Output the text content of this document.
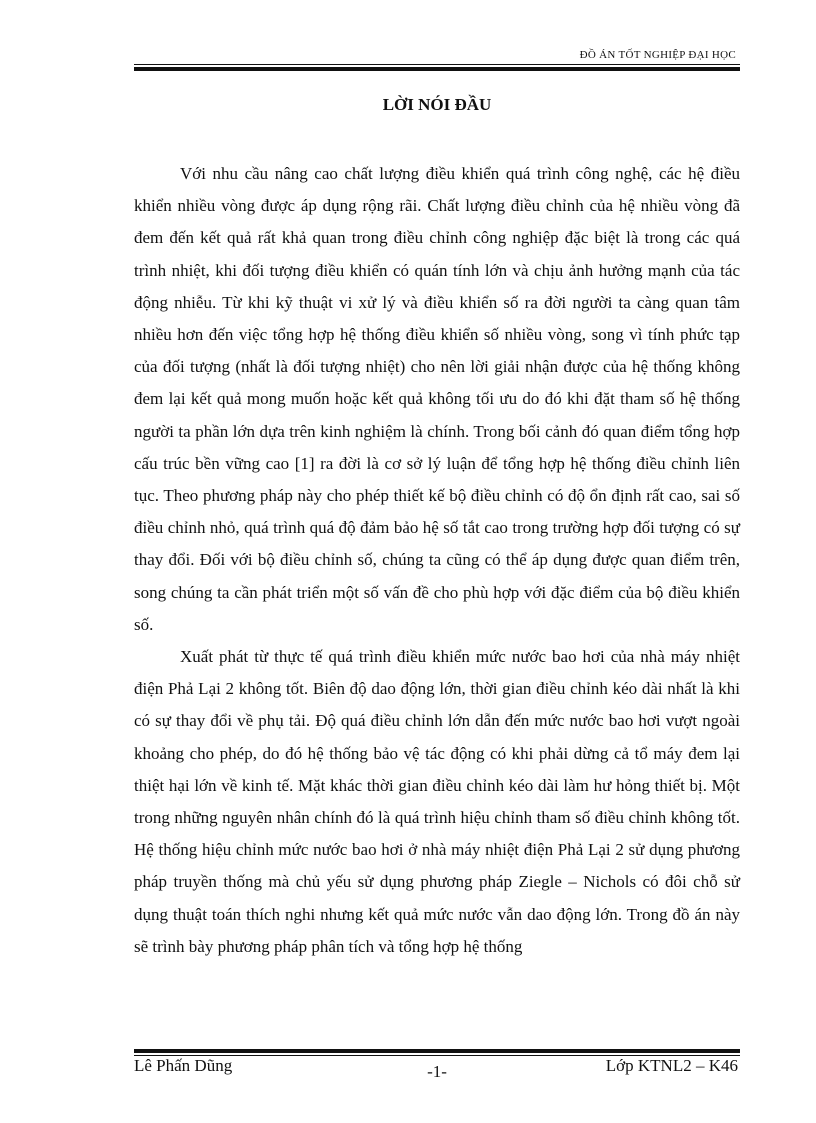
ĐỒ ÁN TỐT NGHIỆP ĐẠI HỌC
LỜI NÓI ĐẦU

Với nhu cầu nâng cao chất lượng điều khiển quá trình công nghệ, các hệ điều khiển nhiều vòng được áp dụng rộng rãi. Chất lượng điều chỉnh của hệ nhiều vòng đã đem đến kết quả rất khả quan trong điều chỉnh công nghiệp đặc biệt là trong các quá trình nhiệt, khi đối tượng điều khiển có quán tính lớn và chịu ảnh hưởng mạnh của tác động nhiễu. Từ khi kỹ thuật vi xử lý và điều khiển số ra đời người ta càng quan tâm nhiều hơn đến việc tổng hợp hệ thống điều khiển số nhiều vòng, song vì tính phức tạp của đối tượng (nhất là đối tượng nhiệt) cho nên lời giải nhận được của hệ thống không đem lại kết quả mong muốn hoặc kết quả không tối ưu do đó khi đặt tham số hệ thống người ta phần lớn dựa trên kinh nghiệm là chính. Trong bối cảnh đó quan điểm tổng hợp cấu trúc bền vững cao [1] ra đời là cơ sở lý luận để tổng hợp hệ thống điều chỉnh liên tục. Theo phương pháp này cho phép thiết kế bộ điều chỉnh có độ ổn định rất cao, sai số điều chỉnh nhỏ, quá trình quá độ đảm bảo hệ số tắt cao trong trường hợp đối tượng có sự thay đổi. Đối với bộ điều chỉnh số, chúng ta cũng có thể áp dụng được quan điểm trên, song chúng ta cần phát triển một số vấn đề cho phù hợp với đặc điểm của bộ điều khiển số.

Xuất phát từ thực tế quá trình điều khiển mức nước bao hơi của nhà máy nhiệt điện Phả Lại 2 không tốt. Biên độ dao động lớn, thời gian điều chỉnh kéo dài nhất là khi có sự thay đổi về phụ tải. Độ quá điều chỉnh lớn dẫn đến mức nước bao hơi vượt ngoài khoảng cho phép, do đó hệ thống bảo vệ tác động có khi phải dừng cả tổ máy đem lại thiệt hại lớn về kinh tế. Mặt khác thời gian điều chỉnh kéo dài làm hư hỏng thiết bị. Một trong những nguyên nhân chính đó là quá trình hiệu chỉnh tham số điều chỉnh không tốt. Hệ thống hiệu chỉnh mức nước bao hơi ở nhà máy nhiệt điện Phả Lại 2 sử dụng phương pháp truyền thống mà chủ yếu sử dụng phương pháp Ziegle – Nichols có đôi chỗ sử dụng thuật toán thích nghi nhưng kết quả mức nước vẫn dao động lớn. Trong đồ án này sẽ trình bày phương pháp phân tích và tổng hợp hệ thống

Lê Phấn Dũng	-1-	Lớp KTNL2 – K46
